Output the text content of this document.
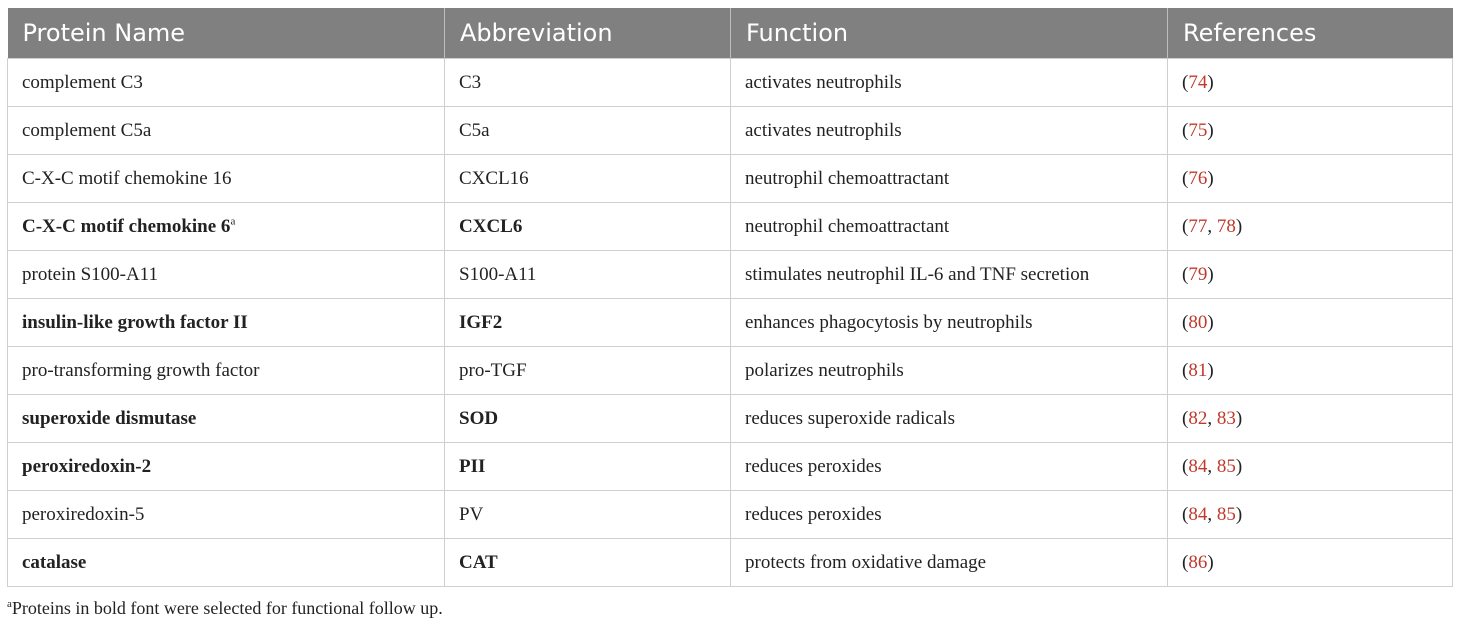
Protein Name	Abbreviation	Function	References
complement C3	C3	activates neutrophils	(74)
complement C5a	C5a	activates neutrophils	(75)
C-X-C motif chemokine 16	CXCL16	neutrophil chemoattractant	(76)
C-X-C motif chemokine 6$^a$	CXCL6	neutrophil chemoattractant	(77, 78)
protein S100-A11	S100-A11	stimulates neutrophil IL-6 and TNF secretion	(79)
insulin-like growth factor II	IGF2	enhances phagocytosis by neutrophils	(80)
pro-transforming growth factor	pro-TGF	polarizes neutrophils	(81)
superoxide dismutase	SOD	reduces superoxide radicals	(82, 83)
peroxiredoxin-2	PII	reduces peroxides	(84, 85)
peroxiredoxin-5	PV	reduces peroxides	(84, 85)
catalase	CAT	protects from oxidative damage	(86)
$^a$Proteins in bold font were selected for functional follow up.
